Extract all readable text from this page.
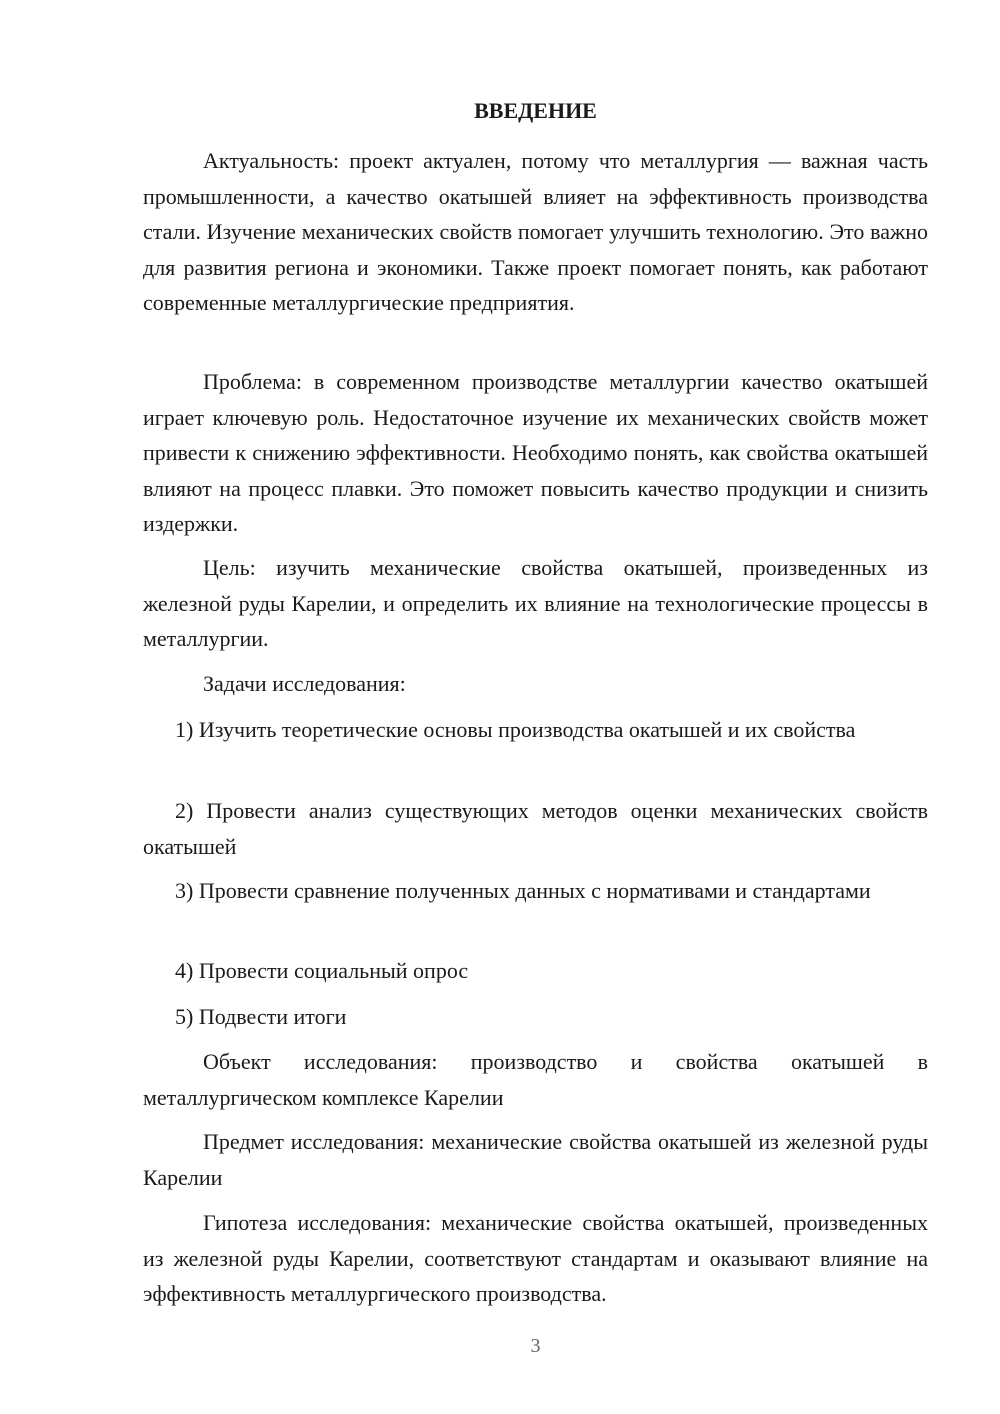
ВВЕДЕНИЕ

Актуальность: проект актуален, потому что металлургия — важная часть промышленности, а качество окатышей влияет на эффективность производства стали. Изучение механических свойств помогает улучшить технологию. Это важно для развития региона и экономики. Также проект помогает понять, как работают современные металлургические предприятия.

Проблема: в современном производстве металлургии качество окатышей играет ключевую роль. Недостаточное изучение их механических свойств может привести к снижению эффективности. Необходимо понять, как свойства окатышей влияют на процесс плавки. Это поможет повысить качество продукции и снизить издержки.

Цель: изучить механические свойства окатышей, произведенных из железной руды Карелии, и определить их влияние на технологические процессы в металлургии.

Задачи исследования:

1) Изучить теоретические основы производства окатышей и их свойства

2) Провести анализ существующих методов оценки механических свойств окатышей

3) Провести сравнение полученных данных с нормативами и стандартами

4) Провести социальный опрос

5) Подвести итоги

Объект исследования: производство и свойства окатышей в металлургическом комплексе Карелии

Предмет исследования: механические свойства окатышей из железной руды Карелии

Гипотеза исследования: механические свойства окатышей, произведенных из железной руды Карелии, соответствуют стандартам и оказывают влияние на эффективность металлургического производства.

3
